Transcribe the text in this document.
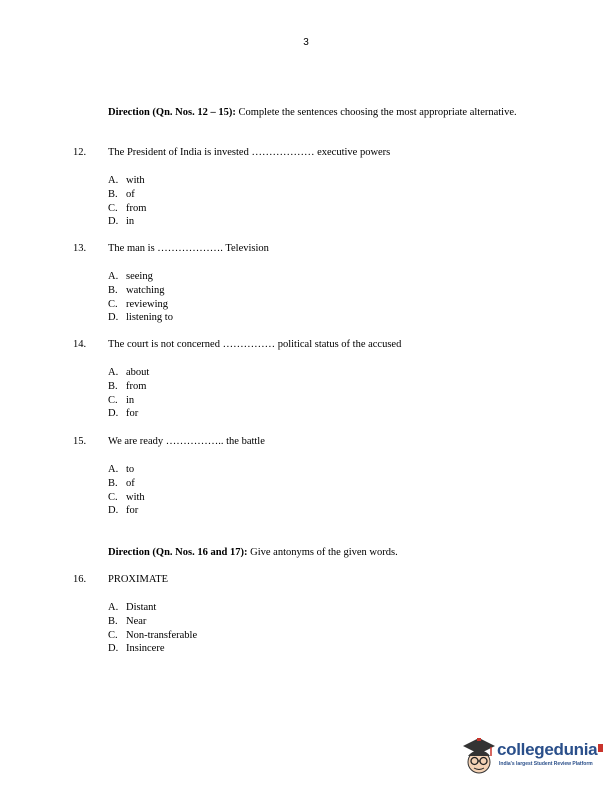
3
Direction (Qn. Nos. 12 – 15): Complete the sentences choosing the most appropriate alternative.
12. The President of India is invested ……………… executive powers
A. with
B. of
C. from
D. in
13. The man is ………………. Television
A. seeing
B. watching
C. reviewing
D. listening to
14. The court is not concerned …………… political status of the accused
A. about
B. from
C. in
D. for
15. We are ready …………….. the battle
A. to
B. of
C. with
D. for
Direction (Qn. Nos. 16 and 17): Give antonyms of the given words.
16. PROXIMATE
A. Distant
B. Near
C. Non-transferable
D. Insincere
collegedunia
India's largest Student Review Platform
